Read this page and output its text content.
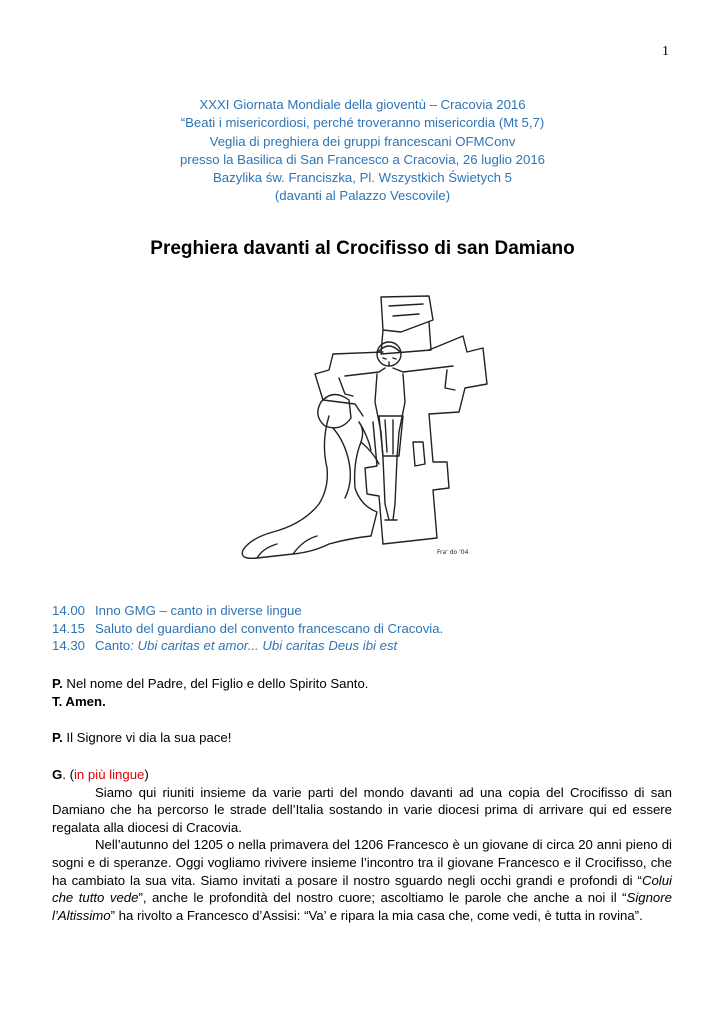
1
XXXI Giornata Mondiale della gioventù – Cracovia 2016
“Beati i misericordiosi, perché troveranno misericordia (Mt 5,7)
Veglia di preghiera dei gruppi francescani OFMConv
presso la Basilica di San Francesco a Cracovia, 26 luglio 2016
Bazylika św. Franciszka, Pl. Wszystkich Świetych 5
(davanti al Palazzo Vescovile)
Preghiera davanti al Crocifisso di san Damiano
Fra' do '04
14.00 Inno GMG – canto in diverse lingue
14.15 Saluto del guardiano del convento francescano di Cracovia.
14.30 Canto: Ubi caritas et amor... Ubi caritas Deus ibi est
P. Nel nome del Padre, del Figlio e dello Spirito Santo.
T. Amen.
P. Il Signore vi dia la sua pace!
G. (in più lingue)

Siamo qui riuniti insieme da varie parti del mondo davanti ad una copia del Crocifisso di san Damiano che ha percorso le strade dell’Italia sostando in varie diocesi prima di arrivare qui ed essere regalata alla diocesi di Cracovia.

Nell’autunno del 1205 o nella primavera del 1206 Francesco è un giovane di circa 20 anni pieno di sogni e di speranze. Oggi vogliamo rivivere insieme l’incontro tra il giovane Francesco e il Crocifisso, che ha cambiato la sua vita. Siamo invitati a posare il nostro sguardo negli occhi grandi e profondi di “Colui che tutto vede”, anche le profondità del nostro cuore; ascoltiamo le parole che anche a noi il “Signore l’Altissimo” ha rivolto a Francesco d’Assisi: “Va’ e ripara la mia casa che, come vedi, è tutta in rovina”.
